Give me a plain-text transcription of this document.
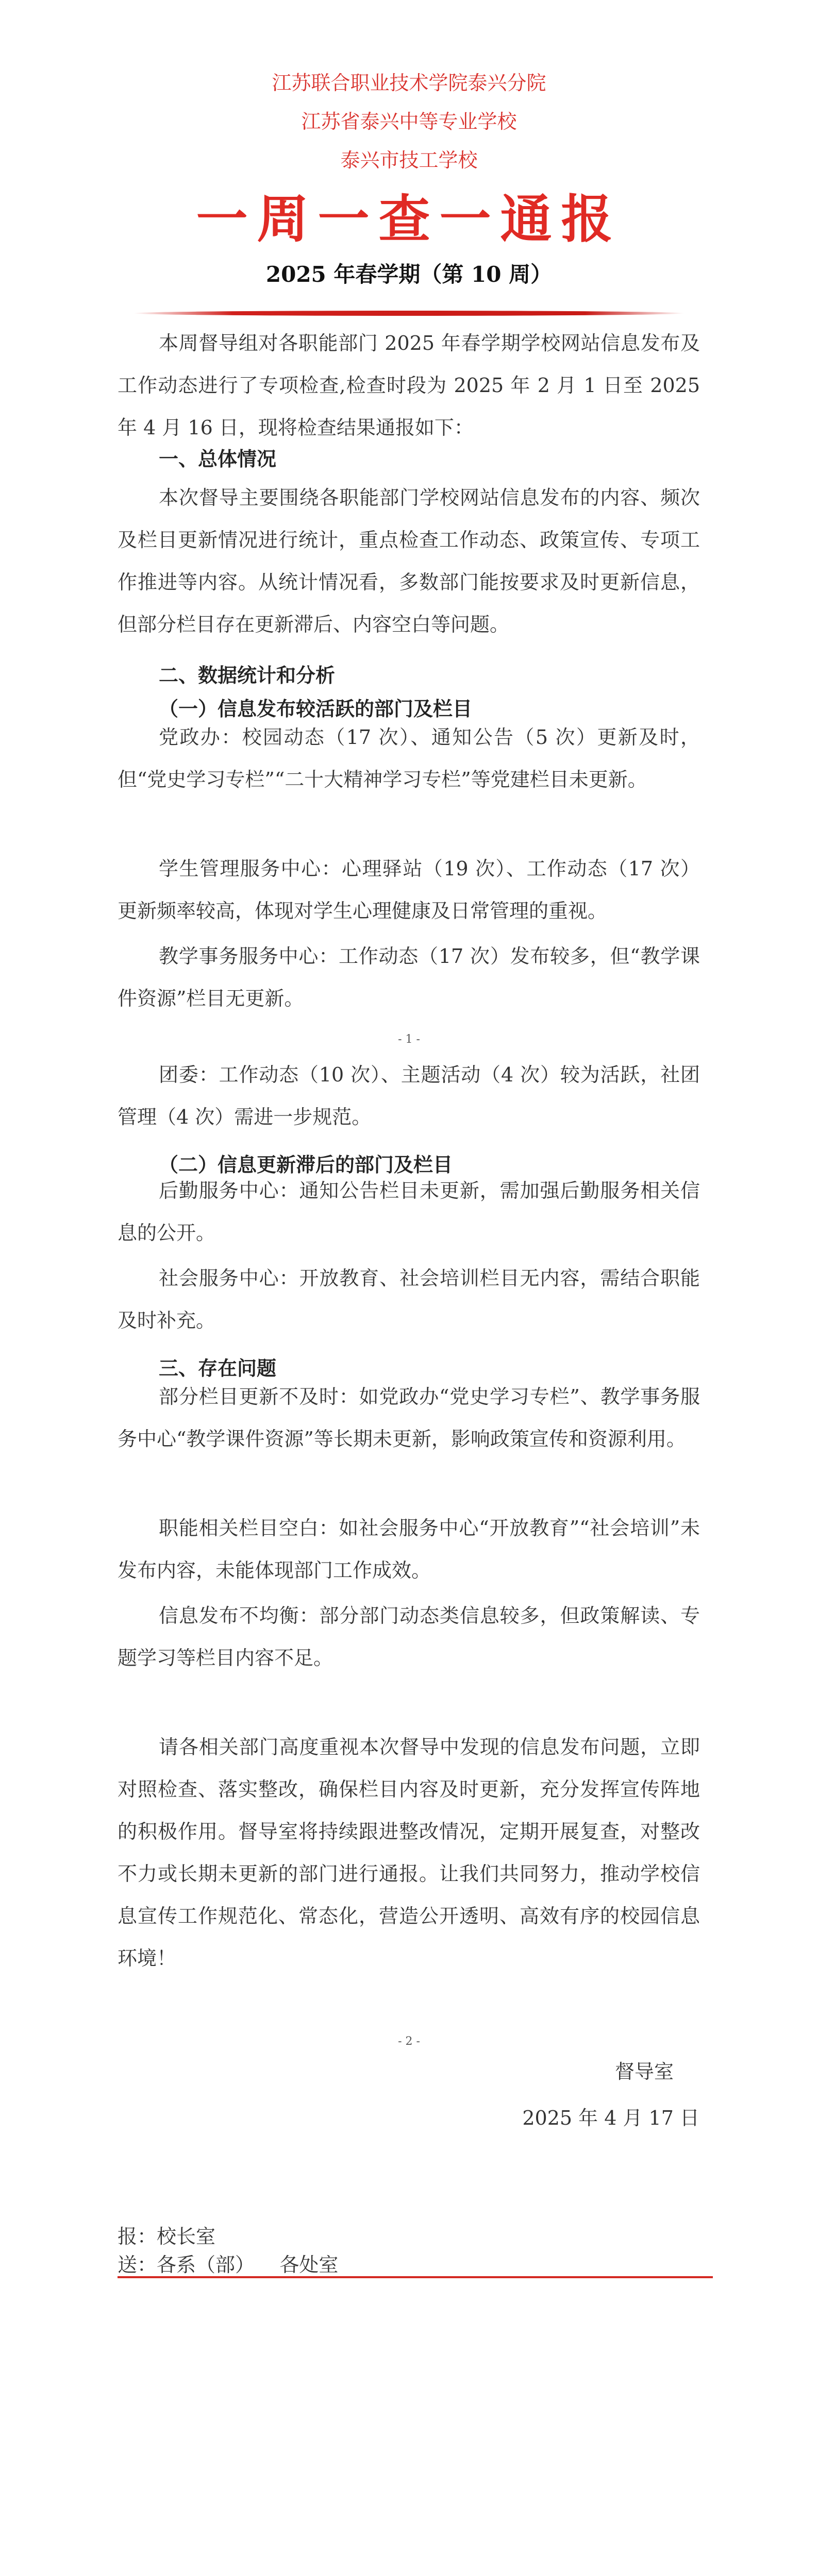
江苏联合职业技术学院泰兴分院
江苏省泰兴中等专业学校
泰兴市技工学校
一周一查一通报
2025 年春学期（第 10 周）
本周督导组对各职能部门 2025 年春学期学校网站信息发布及工作动态进行了专项检查,检查时段为 2025 年 2 月 1 日至 2025 年 4 月 16 日，现将检查结果通报如下：
一、总体情况
本次督导主要围绕各职能部门学校网站信息发布的内容、频次及栏目更新情况进行统计，重点检查工作动态、政策宣传、专项工作推进等内容。从统计情况看，多数部门能按要求及时更新信息，但部分栏目存在更新滞后、内容空白等问题。
二、数据统计和分析
（一）信息发布较活跃的部门及栏目
党政办：校园动态（17 次）、通知公告（5 次）更新及时，但“党史学习专栏”“二十大精神学习专栏”等党建栏目未更新。
学生管理服务中心：心理驿站（19 次）、工作动态（17 次）更新频率较高，体现对学生心理健康及日常管理的重视。
教学事务服务中心：工作动态（17 次）发布较多，但“教学课件资源”栏目无更新。
- 1 -
团委：工作动态（10 次）、主题活动（4 次）较为活跃，社团管理（4 次）需进一步规范。
（二）信息更新滞后的部门及栏目
后勤服务中心：通知公告栏目未更新，需加强后勤服务相关信息的公开。
社会服务中心：开放教育、社会培训栏目无内容，需结合职能及时补充。
三、存在问题
部分栏目更新不及时：如党政办“党史学习专栏”、教学事务服务中心“教学课件资源”等长期未更新，影响政策宣传和资源利用。
职能相关栏目空白：如社会服务中心“开放教育”“社会培训”未发布内容，未能体现部门工作成效。
信息发布不均衡：部分部门动态类信息较多，但政策解读、专题学习等栏目内容不足。
请各相关部门高度重视本次督导中发现的信息发布问题，立即对照检查、落实整改，确保栏目内容及时更新，充分发挥宣传阵地的积极作用。督导室将持续跟进整改情况，定期开展复查，对整改不力或长期未更新的部门进行通报。让我们共同努力，推动学校信息宣传工作规范化、常态化，营造公开透明、高效有序的校园信息环境！
- 2 -
督导室
2025 年 4 月 17 日
报：校长室
送：各系（部）    各处室
